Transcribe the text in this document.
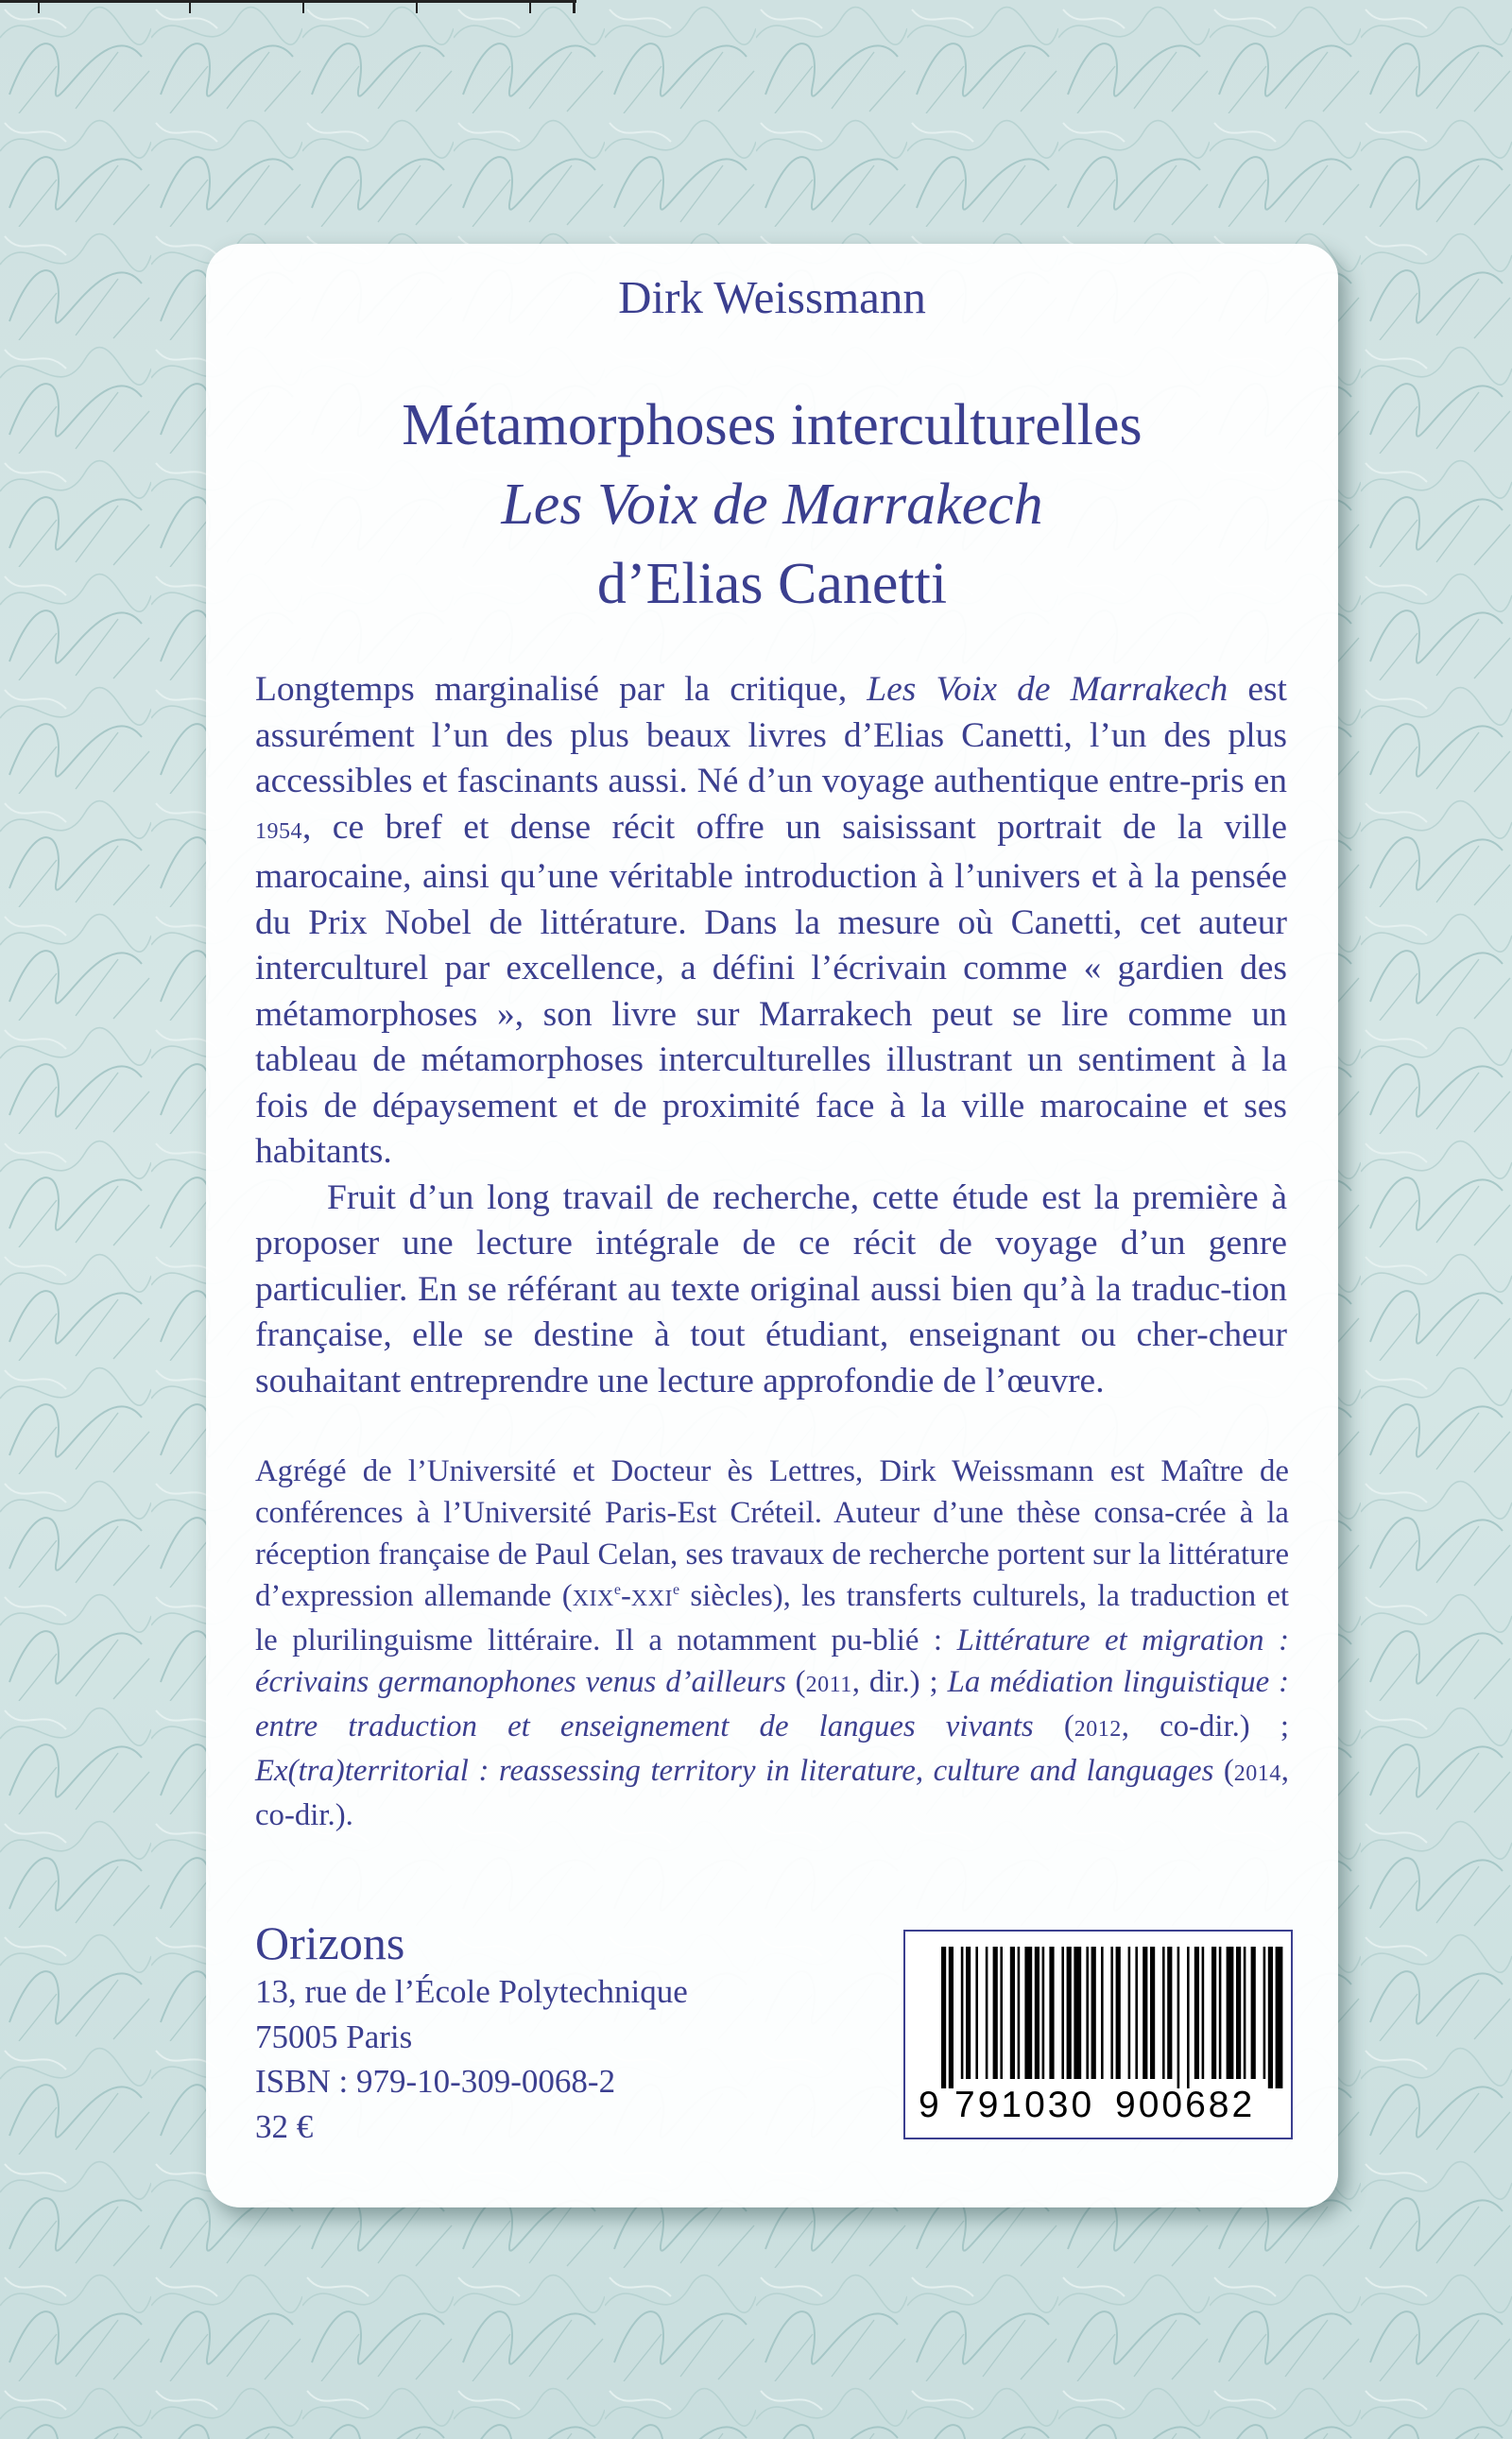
Dirk Weissmann
Métamorphoses interculturelles
Les Voix de Marrakech
d’Elias Canetti

Longtemps marginalisé par la critique, Les Voix de Marrakech est assurément l’un des plus beaux livres d’Elias Canetti, l’un des plus accessibles et fascinants aussi. Né d’un voyage authentique entre-pris en 1954, ce bref et dense récit offre un saisissant portrait de la ville marocaine, ainsi qu’une véritable introduction à l’univers et à la pensée du Prix Nobel de littérature. Dans la mesure où Canetti, cet auteur interculturel par excellence, a défini l’écrivain comme « gardien des métamorphoses », son livre sur Marrakech peut se lire comme un tableau de métamorphoses interculturelles illustrant un sentiment à la fois de dépaysement et de proximité face à la ville marocaine et ses habitants.

Fruit d’un long travail de recherche, cette étude est la première à proposer une lecture intégrale de ce récit de voyage d’un genre particulier. En se référant au texte original aussi bien qu’à la traduc-tion française, elle se destine à tout étudiant, enseignant ou cher-cheur souhaitant entreprendre une lecture approfondie de l’œuvre.

Agrégé de l’Université et Docteur ès Lettres, Dirk Weissmann est Maître de conférences à l’Université Paris-Est Créteil. Auteur d’une thèse consa-crée à la réception française de Paul Celan, ses travaux de recherche portent sur la littérature d’expression allemande (XIXe-XXIe siècles), les transferts culturels, la traduction et le plurilinguisme littéraire. Il a notamment pu-blié : Littérature et migration : écrivains germanophones venus d’ailleurs (2011, dir.) ; La médiation linguistique : entre traduction et enseignement de langues vivants (2012, co-dir.) ; Ex(tra)territorial : reassessing territory in literature, culture and languages (2014, co-dir.).
Orizons
13, rue de l’École Polytechnique
75005 Paris
ISBN : 979-10-309-0068-2
32 €
9 791030 900682
